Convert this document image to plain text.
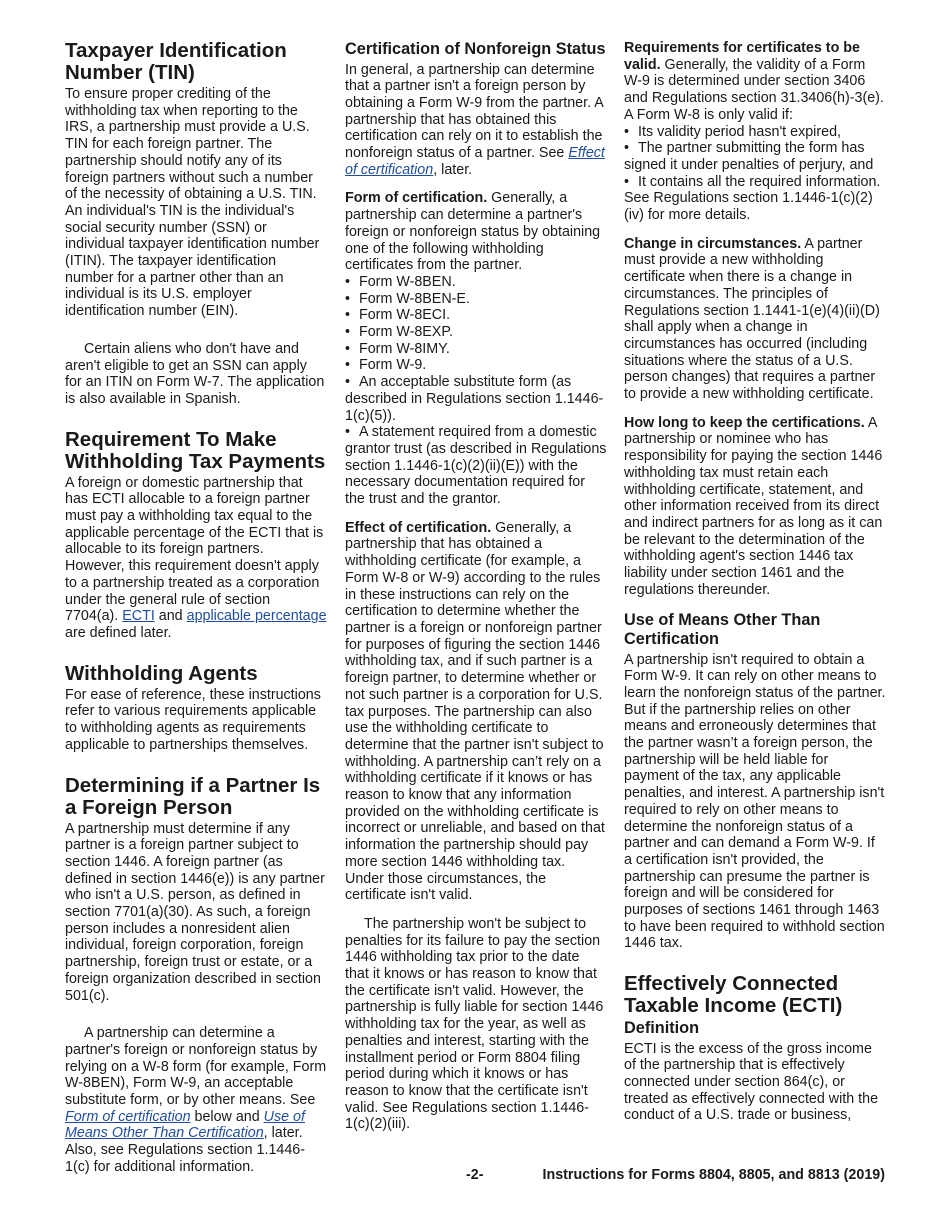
Taxpayer Identification Number (TIN)

To ensure proper crediting of the withholding tax when reporting to the IRS, a partnership must provide a U.S. TIN for each foreign partner. The partnership should notify any of its foreign partners without such a number of the necessity of obtaining a U.S. TIN. An individual's TIN is the individual's social security number (SSN) or individual taxpayer identification number (ITIN). The taxpayer identification number for a partner other than an individual is its U.S. employer identification number (EIN).

Certain aliens who don't have and aren't eligible to get an SSN can apply for an ITIN on Form W-7. The application is also available in Spanish.

Requirement To Make Withholding Tax Payments

A foreign or domestic partnership that has ECTI allocable to a foreign partner must pay a withholding tax equal to the applicable percentage of the ECTI that is allocable to its foreign partners. However, this requirement doesn't apply to a partnership treated as a corporation under the general rule of section 7704(a). ECTI and applicable percentage are defined later.

Withholding Agents

For ease of reference, these instructions refer to various requirements applicable to withholding agents as requirements applicable to partnerships themselves.

Determining if a Partner Is a Foreign Person

A partnership must determine if any partner is a foreign partner subject to section 1446. A foreign partner (as defined in section 1446(e)) is any partner who isn't a U.S. person, as defined in section 7701(a)(30). As such, a foreign person includes a nonresident alien individual, foreign corporation, foreign partnership, foreign trust or estate, or a foreign organization described in section 501(c).

A partnership can determine a partner's foreign or nonforeign status by relying on a W-8 form (for example, Form W-8BEN), Form W-9, an acceptable substitute form, or by other means. See Form of certification below and Use of Means Other Than Certification, later. Also, see Regulations section 1.1446-1(c) for additional information.

Certification of Nonforeign Status

In general, a partnership can determine that a partner isn't a foreign person by obtaining a Form W-9 from the partner. A partnership that has obtained this certification can rely on it to establish the nonforeign status of a partner. See Effect of certification, later.

Form of certification. Generally, a partnership can determine a partner's foreign or nonforeign status by obtaining one of the following withholding certificates from the partner.

• Form W-8BEN.
• Form W-8BEN-E.
• Form W-8ECI.
• Form W-8EXP.
• Form W-8IMY.
• Form W-9.
• An acceptable substitute form (as described in Regulations section 1.1446-1(c)(5)).
• A statement required from a domestic grantor trust (as described in Regulations section 1.1446-1(c)(2)(ii)(E)) with the necessary documentation required for the trust and the grantor.

Effect of certification. Generally, a partnership that has obtained a withholding certificate (for example, a Form W-8 or W-9) according to the rules in these instructions can rely on the certification to determine whether the partner is a foreign or nonforeign partner for purposes of figuring the section 1446 withholding tax, and if such partner is a foreign partner, to determine whether or not such partner is a corporation for U.S. tax purposes. The partnership can also use the withholding certificate to determine that the partner isn't subject to withholding. A partnership can’t rely on a withholding certificate if it knows or has reason to know that any information provided on the withholding certificate is incorrect or unreliable, and based on that information the partnership should pay more section 1446 withholding tax. Under those circumstances, the certificate isn't valid.

The partnership won't be subject to penalties for its failure to pay the section 1446 withholding tax prior to the date that it knows or has reason to know that the certificate isn't valid. However, the partnership is fully liable for section 1446 withholding tax for the year, as well as penalties and interest, starting with the installment period or Form 8804 filing period during which it knows or has reason to know that the certificate isn't valid. See Regulations section 1.1446-1(c)(2)(iii).

Requirements for certificates to be valid. Generally, the validity of a Form W-9 is determined under section 3406 and Regulations section 31.3406(h)-3(e). A Form W-8 is only valid if:

• Its validity period hasn't expired,
• The partner submitting the form has signed it under penalties of perjury, and
• It contains all the required information.

See Regulations section 1.1446-1(c)(2)(iv) for more details.

Change in circumstances. A partner must provide a new withholding certificate when there is a change in circumstances. The principles of Regulations section 1.1441-1(e)(4)(ii)(D) shall apply when a change in circumstances has occurred (including situations where the status of a U.S. person changes) that requires a partner to provide a new withholding certificate.

How long to keep the certifications. A partnership or nominee who has responsibility for paying the section 1446 withholding tax must retain each withholding certificate, statement, and other information received from its direct and indirect partners for as long as it can be relevant to the determination of the withholding agent's section 1446 tax liability under section 1461 and the regulations thereunder.

Use of Means Other Than Certification

A partnership isn't required to obtain a Form W-9. It can rely on other means to learn the nonforeign status of the partner. But if the partnership relies on other means and erroneously determines that the partner wasn’t a foreign person, the partnership will be held liable for payment of the tax, any applicable penalties, and interest. A partnership isn't required to rely on other means to determine the nonforeign status of a partner and can demand a Form W-9. If a certification isn't provided, the partnership can presume the partner is foreign and will be considered for purposes of sections 1461 through 1463 to have been required to withhold section 1446 tax.

Effectively Connected Taxable Income (ECTI)
Definition

ECTI is the excess of the gross income of the partnership that is effectively connected under section 864(c), or treated as effectively connected with the conduct of a U.S. trade or business,

-2-	Instructions for Forms 8804, 8805, and 8813 (2019)
